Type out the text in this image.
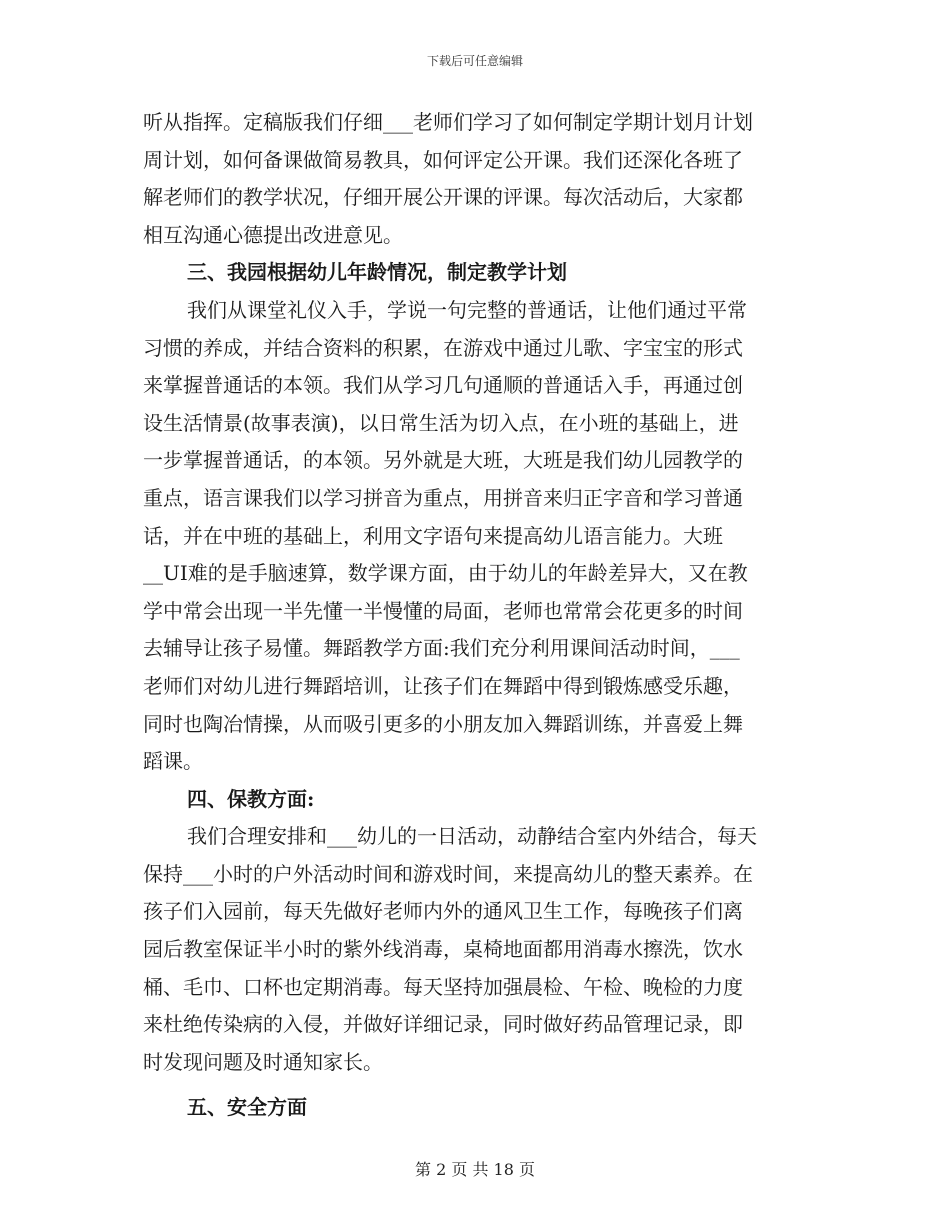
下载后可任意编辑
听从指挥。定稿版我们仔细___老师们学习了如何制定学期计划月计划
周计划，如何备课做简易教具，如何评定公开课。我们还深化各班了
解老师们的教学状况，仔细开展公开课的评课。每次活动后，大家都
相互沟通心德提出改进意见。
三、我园根据幼儿年龄情况，制定教学计划
我们从课堂礼仪入手，学说一句完整的普通话，让他们通过平常
习惯的养成，并结合资料的积累，在游戏中通过儿歌、字宝宝的形式
来掌握普通话的本领。我们从学习几句通顺的普通话入手，再通过创
设生活情景(故事表演)，以日常生活为切入点，在小班的基础上，进
一步掌握普通话，的本领。另外就是大班，大班是我们幼儿园教学的
重点，语言课我们以学习拼音为重点，用拼音来归正字音和学习普通
话，并在中班的基础上，利用文字语句来提高幼儿语言能力。大班
__UI难的是手脑速算，数学课方面，由于幼儿的年龄差异大，又在教
学中常会出现一半先懂一半慢懂的局面，老师也常常会花更多的时间
去辅导让孩子易懂。舞蹈教学方面:我们充分利用课间活动时间，___
老师们对幼儿进行舞蹈培训，让孩子们在舞蹈中得到锻炼感受乐趣，
同时也陶冶情操，从而吸引更多的小朋友加入舞蹈训练，并喜爱上舞
蹈课。
四、保教方面:
我们合理安排和___幼儿的一日活动，动静结合室内外结合，每天
保持___小时的户外活动时间和游戏时间，来提高幼儿的整天素养。在
孩子们入园前，每天先做好老师内外的通风卫生工作，每晚孩子们离
园后教室保证半小时的紫外线消毒，桌椅地面都用消毒水擦洗，饮水
桶、毛巾、口杯也定期消毒。每天坚持加强晨检、午检、晚检的力度
来杜绝传染病的入侵，并做好详细记录，同时做好药品管理记录，即
时发现问题及时通知家长。
五、安全方面
第 2 页 共 18 页
